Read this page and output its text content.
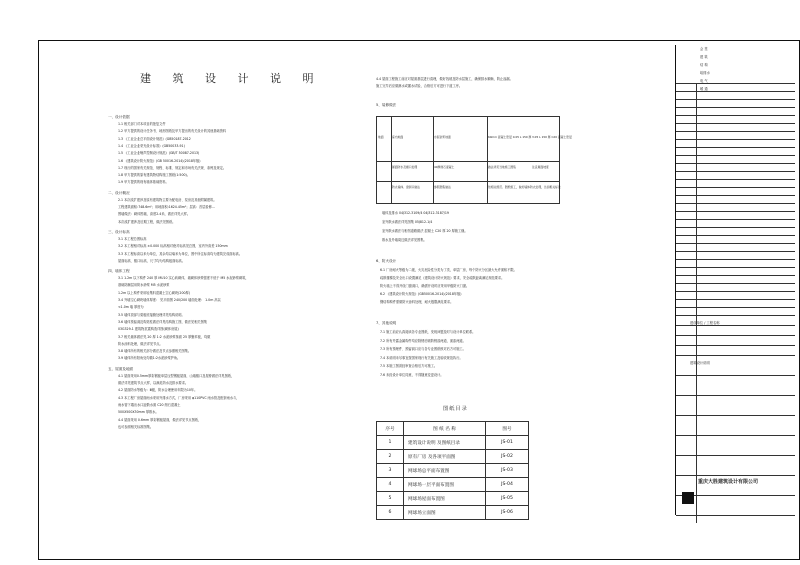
建 筑 设 计 说 明
图纸目录
序号	图 纸 名 称	图号
1	建筑设计说明 及图纸目录	JS-01
2	原有厂房 及各项平面图	JS-02
3	网球场总平面布置图	JS-03
4	网球场一层平面布置图	JS-04
5	网球场屋面布置图	JS-05
6	网球场立面图	JS-06
重庆大胜建筑设计有限公司
一、设计依据
1.1 相关部门对本项目的批复文件
1.2 甲方提供的设计任务书、地形图纸及甲方提出的有关设计的其他基础资料
1.3 《工业企业总平面设计规范》(GB50187-2012
1.4 《工业企业采光设计标准》(GB50033-91)
1.5 《工业企业噪声控制设计规范》(GB/T 50087-2013)
1.6 《建筑设计防火规范》(GB 50016-2014)(2018年版)
1.7 现行的国家有关规范、规程、标准、规定和市场有关法规、条例及规定。
1.8 甲方提供的原有建筑物结构施工图纸(1:500)。
1.9 甲方提供的现有墙体基础资料。
二、设计概况
2.1 本次改扩建涉及原有建筑物主要为配电房、泵房及其他附属建筑。
工程建筑面积:748.6m²；用地面积:1624.45m²；层高：首层检修…
围墙做法：砌体围墙，高度2.4米，做法详见大样。
本次改扩建涉及后期工程，做法见图纸。
三、设计标高
3.1 本工程总图标高
3.2 本工程相对标高 ±0.000 标高相对绝对标高见总图，室内外高差 150mm
3.3 本工程标高以米为单位，其余均以毫米为单位，图中所注标高均为建筑完成面标高。
屋面标高、檐口标高，尺寸均为结构板面标高。
四、墙体工程
3.1 1.2m 以下构件 240 厚 MU10 实心砖砌体，墙砌体砂浆强度不低于 M5 水泥砂浆砌筑，
基础防潮层用防水砂浆 M5 水泥砂浆
1.2m 以上构件采用轻集料混凝土空心砌块(200厚)
3.4 外墙空心砌块墙体厚度： 见平面图 240/200 墙面处理： 1.0m 高以
<1.0m 墙 厚度为
3.5 墙体顶部与梁板底接缝处理详见结构说明。
3.6 墙体预留洞及构造柱做法详见结构施工图，做法见相关图集
03G329-1 建筑物抗震构造详图(砌体房屋)
3.7 相关墙体做法见 20 厚 1:2 水泥砂浆抹面 25 厚聚苯板，均做
防水涂料处理，做法详见节点。
3.8 墙体所有的相关部分做法及节点参照相关图集。
3.9 墙体所有阳角处均做1:2水泥砂浆护角。
五、屋面及地面
4.1 屋面采用0.5mm厚彩钢板单层压型钢板屋面，山墙檐口及屋脊做法详见图纸，
做法详见建筑节点大样，以满足防水及排水要求。
4.2 屋面防水等级为：Ⅲ级，防水合理使用年限为10年。
4.3 本工程厂房屋面雨水采用外排水方式，厂房采用 φ110PVC 雨水管及配套雨水斗，
雨水管下端出水口距散水面 C20 细石混凝土
500X500X30mm 厚散水。
4.4 屋面采用 0.6mm 厚彩钢板屋面，做法详见节点图纸，
也可参照相关标准图集。
4.4 屋面工程施工前应对屋面基层进行清理，做好找坡及防水层施工，确保排水顺畅，防止渗漏。
施工完毕后应做淋水或蓄水试验，合格后方可进行下道工序。
5、装修做法
地面	室内地面	水泥砂浆地面	60mm 混凝土垫层 0.05 L 150 厚 3.05 L 150 厚 C20 混凝土垫层
屋面防水及檐口处理	40厚细石混凝土	做法详见当地施工图集	注意屋面坡度
防火墙体、窗洞口做法	参照图集做法	依相关规范、图纸施工，做好墙体防火处理，达到相关标准
墙体及排水 04J312-3109/4 04J312-3187/19
室外散水做法详见图集 05J812-1/4
室外散水做法与相邻道路做法 混凝土 C20 厚 20 厚施工缝。
散水及外墙周边做法详见图集。
6、防火设计
6.1 厂房耐火等级为二级，火灾危险性分类为丁类，单层厂房，每个防火分区最大允许面积不限。
疏散楼梯及安全出口设置满足《建筑设计防火规范》要求，安全疏散距离满足规范要求。
防火墙上不得开设门窗洞口，确需开设时应采用甲级防火门窗。
6.2 《建筑设计防火规范》(GB50016-2014)(2018年版)
钢结构构件需做防火涂料处理，耐火极限满足要求。
7、其他说明
7.1 施工前应认真阅读各专业图纸，发现问题及时与设计单位联系。
7.2 所有外露金属构件均应除锈后刷防锈漆两道，面漆两道。
7.3 所有预埋件、预留洞口应与各专业图纸核对后方可施工。
7.4 本说明未尽事宜按国家现行有关施工及验收规范执行。
7.5 本施工图须经审查合格后方可施工。
7.6 未经设计单位同意，不得随意变更设计。
会 签
建 筑
结 构
给排水
电 气
暖 通
建设单位 / 工程名称
建筑设计说明
